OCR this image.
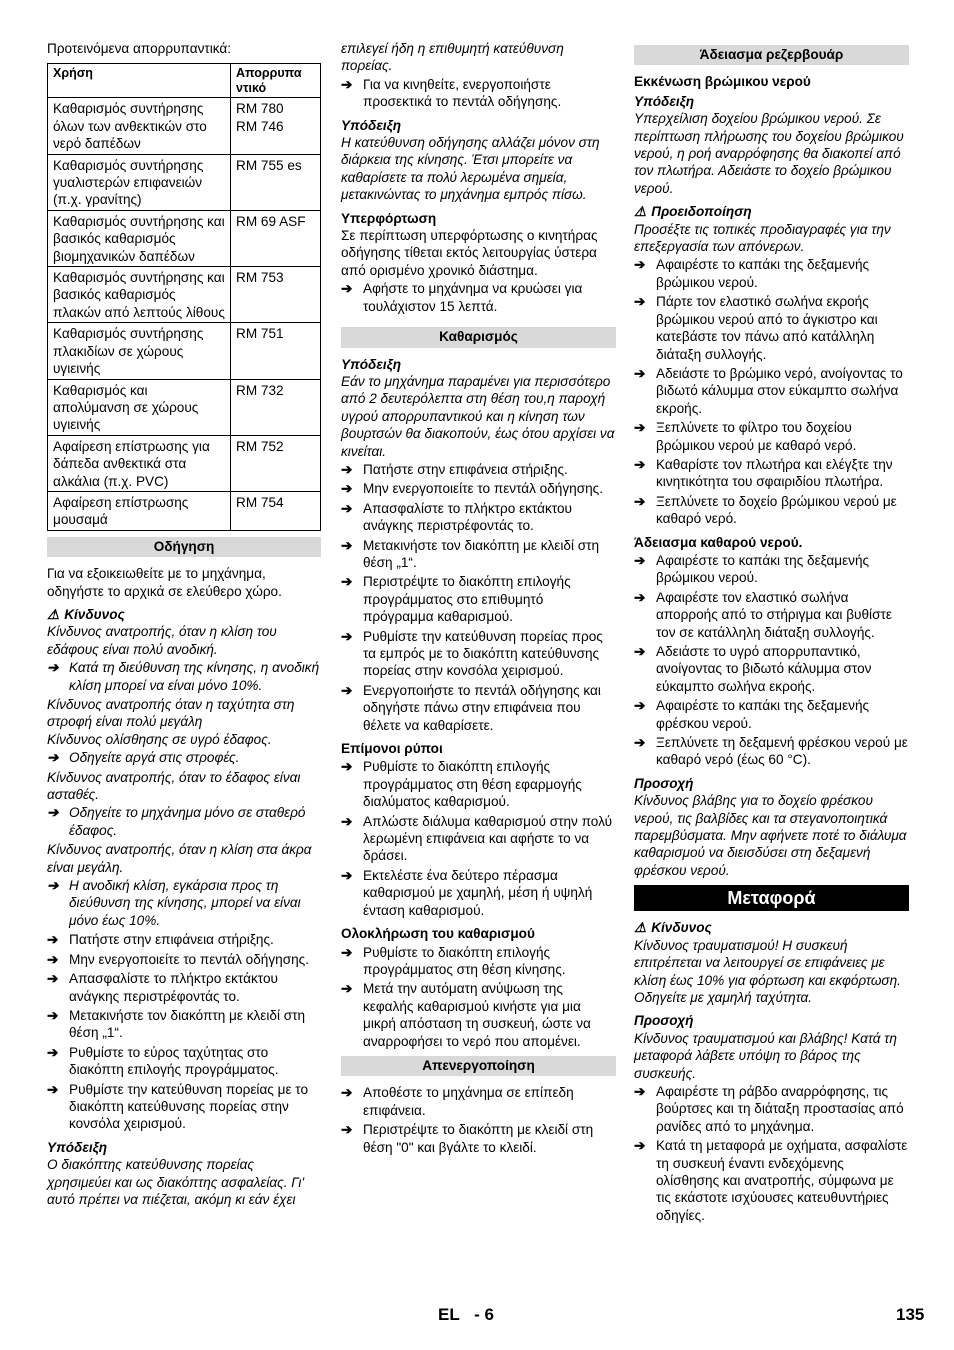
Προτεινόμενα απορρυπαντικά:

Χρήση	Απορρυπα ντικό
Καθαρισμός συντήρησης όλων των ανθεκτικών στο νερό δαπέδων	RM 780
RM 746
Καθαρισμός συντήρησης γυαλιστερών επιφανειών (π.χ. γρανίτης)	RM 755 es
Καθαρισμός συντήρησης και βασικός καθαρισμός βιομηχανικών δαπέδων	RM 69 ASF
Καθαρισμός συντήρησης και βασικός καθαρισμός πλακών από λεπτούς λίθους	RM 753
Καθαρισμός συντήρησης πλακιδίων σε χώρους υγιεινής	RM 751
Καθαρισμός και απολύμανση σε χώρους υγιεινής	RM 732
Αφαίρεση επίστρωσης για δάπεδα ανθεκτικά στα αλκάλια (π.χ. PVC)	RM 752
Αφαίρεση επίστρωσης μουσαμά	RM 754
Οδήγηση

Για να εξοικειωθείτε με το μηχάνημα, οδηγήστε το αρχικά σε ελεύθερο χώρο.

⚠ Κίνδυνος

Κίνδυνος ανατροπής, όταν η κλίση του εδάφους είναι πολύ ανοδική.

➔ Κατά τη διεύθυνση της κίνησης, η ανοδική κλίση μπορεί να είναι μόνο 10%.

Κίνδυνος ανατροπής όταν η ταχύτητα στη στροφή είναι πολύ μεγάλη

Κίνδυνος ολίσθησης σε υγρό έδαφος.

➔ Οδηγείτε αργά στις στροφές.

Κίνδυνος ανατροπής, όταν το έδαφος είναι ασταθές.

➔ Οδηγείτε το μηχάνημα μόνο σε σταθερό έδαφος.

Κίνδυνος ανατροπής, όταν η κλίση στα άκρα είναι μεγάλη.

➔ Η ανοδική κλίση, εγκάρσια προς τη διεύθυνση της κίνησης, μπορεί να είναι μόνο έως 10%.
➔ Πατήστε στην επιφάνεια στήριξης.
➔ Μην ενεργοποιείτε το πεντάλ οδήγησης.
➔ Απασφαλίστε το πλήκτρο εκτάκτου ανάγκης περιστρέφοντάς το.
➔ Μετακινήστε τον διακόπτη με κλειδί στη θέση „1“.
➔ Ρυθμίστε το εύρος ταχύτητας στο διακόπτη επιλογής προγράμματος.
➔ Ρυθμίστε την κατεύθυνση πορείας με το διακόπτη κατεύθυνσης πορείας στην κονσόλα χειρισμού.

Υπόδειξη

Ο διακόπτης κατεύθυνσης πορείας χρησιμεύει και ως διακόπτης ασφαλείας. Γι' αυτό πρέπει να πιέζεται, ακόμη κι εάν έχει

επιλεγεί ήδη η επιθυμητή κατεύθυνση πορείας.

➔ Για να κινηθείτε, ενεργοποιήστε προσεκτικά το πεντάλ οδήγησης.

Υπόδειξη

Η κατεύθυνση οδήγησης αλλάζει μόνον στη διάρκεια της κίνησης. Έτσι μπορείτε να καθαρίσετε τα πολύ λερωμένα σημεία, μετακινώντας το μηχάνημα εμπρός πίσω.

Υπερφόρτωση

Σε περίπτωση υπερφόρτωσης ο κινητήρας οδήγησης τίθεται εκτός λειτουργίας ύστερα από ορισμένο χρονικό διάστημα.

➔ Αφήστε το μηχάνημα να κρυώσει για τουλάχιστον 15 λεπτά.
Καθαρισμός

Υπόδειξη

Εάν το μηχάνημα παραμένει για περισσότερο από 2 δευτερόλεπτα στη θέση του,η παροχή υγρού απορρυπαντικού και η κίνηση των βουρτσών θα διακοπούν, έως ότου αρχίσει να κινείται.

➔ Πατήστε στην επιφάνεια στήριξης.
➔ Μην ενεργοποιείτε το πεντάλ οδήγησης.
➔ Απασφαλίστε το πλήκτρο εκτάκτου ανάγκης περιστρέφοντάς το.
➔ Μετακινήστε τον διακόπτη με κλειδί στη θέση „1“.
➔ Περιστρέψτε το διακόπτη επιλογής προγράμματος στο επιθυμητό πρόγραμμα καθαρισμού.
➔ Ρυθμίστε την κατεύθυνση πορείας προς τα εμπρός με το διακόπτη κατεύθυνσης πορείας στην κονσόλα χειρισμού.
➔ Ενεργοποιήστε το πεντάλ οδήγησης και οδηγήστε πάνω στην επιφάνεια που θέλετε να καθαρίσετε.

Επίμονοι ρύποι

➔ Ρυθμίστε το διακόπτη επιλογής προγράμματος στη θέση εφαρμογής διαλύματος καθαρισμού.
➔ Απλώστε διάλυμα καθαρισμού στην πολύ λερωμένη επιφάνεια και αφήστε το να δράσει.
➔ Εκτελέστε ένα δεύτερο πέρασμα καθαρισμού με χαμηλή, μέση ή υψηλή ένταση καθαρισμού.

Ολοκλήρωση του καθαρισμού

➔ Ρυθμίστε το διακόπτη επιλογής προγράμματος στη θέση κίνησης.
➔ Μετά την αυτόματη ανύψωση της κεφαλής καθαρισμού κινήστε για μια μικρή απόσταση τη συσκευή, ώστε να αναρροφήσει το νερό που απομένει.
Απενεργοποίηση
➔ Αποθέστε το μηχάνημα σε επίπεδη επιφάνεια.
➔ Περιστρέψτε το διακόπτη με κλειδί στη θέση "0" και βγάλτε το κλειδί.
Άδειασμα ρεζερβουάρ

Εκκένωση βρώμικου νερού

Υπόδειξη

Υπερχείλιση δοχείου βρώμικου νερού. Σε περίπτωση πλήρωσης του δοχείου βρώμικου νερού, η ροή αναρρόφησης θα διακοπεί από τον πλωτήρα. Αδειάστε το δοχείο βρώμικου νερού.

⚠ Προειδοποίηση

Προσέξτε τις τοπικές προδιαγραφές για την επεξεργασία των απόνερων.

➔ Αφαιρέστε το καπάκι της δεξαμενής βρώμικου νερού.
➔ Πάρτε τον ελαστικό σωλήνα εκροής βρώμικου νερού από το άγκιστρο και κατεβάστε τον πάνω από κατάλληλη διάταξη συλλογής.
➔ Αδειάστε το βρώμικο νερό, ανοίγοντας το βιδωτό κάλυμμα στον εύκαμπτο σωλήνα εκροής.
➔ Ξεπλύνετε το φίλτρο του δοχείου βρώμικου νερού με καθαρό νερό.
➔ Καθαρίστε τον πλωτήρα και ελέγξτε την κινητικότητα του σφαιριδίου πλωτήρα.
➔ Ξεπλύνετε το δοχείο βρώμικου νερού με καθαρό νερό.

Άδειασμα καθαρού νερού.

➔ Αφαιρέστε το καπάκι της δεξαμενής βρώμικου νερού.
➔ Αφαιρέστε τον ελαστικό σωλήνα απορροής από το στήριγμα και βυθίστε τον σε κατάλληλη διάταξη συλλογής.
➔ Αδειάστε το υγρό απορρυπαντικό, ανοίγοντας το βιδωτό κάλυμμα στον εύκαμπτο σωλήνα εκροής.
➔ Αφαιρέστε το καπάκι της δεξαμενής φρέσκου νερού.
➔ Ξεπλύνετε τη δεξαμενή φρέσκου νερού με καθαρό νερό (έως 60 °C).

Προσοχή

Κίνδυνος βλάβης για το δοχείο φρέσκου νερού, τις βαλβίδες και τα στεγανοποιητικά παρεμβύσματα. Μην αφήνετε ποτέ το διάλυμα καθαρισμού να διεισδύσει στη δεξαμενή φρέσκου νερού.

Μεταφορά

⚠ Κίνδυνος

Κίνδυνος τραυματισμού! Η συσκευή επιτρέπεται να λειτουργεί σε επιφάνειες με κλίση έως 10% για φόρτωση και εκφόρτωση. Οδηγείτε με χαμηλή ταχύτητα.

Προσοχή

Κίνδυνος τραυματισμού και βλάβης! Κατά τη μεταφορά λάβετε υπόψη το βάρος της συσκευής.

➔ Αφαιρέστε τη ράβδο αναρρόφησης, τις βούρτσες και τη διάταξη προστασίας από ρανίδες από το μηχάνημα.
➔ Κατά τη μεταφορά με οχήματα, ασφαλίστε τη συσκευή έναντι ενδεχόμενης ολίσθησης και ανατροπής, σύμφωνα με τις εκάστοτε ισχύουσες κατευθυντήριες οδηγίες.
EL - 6	135
